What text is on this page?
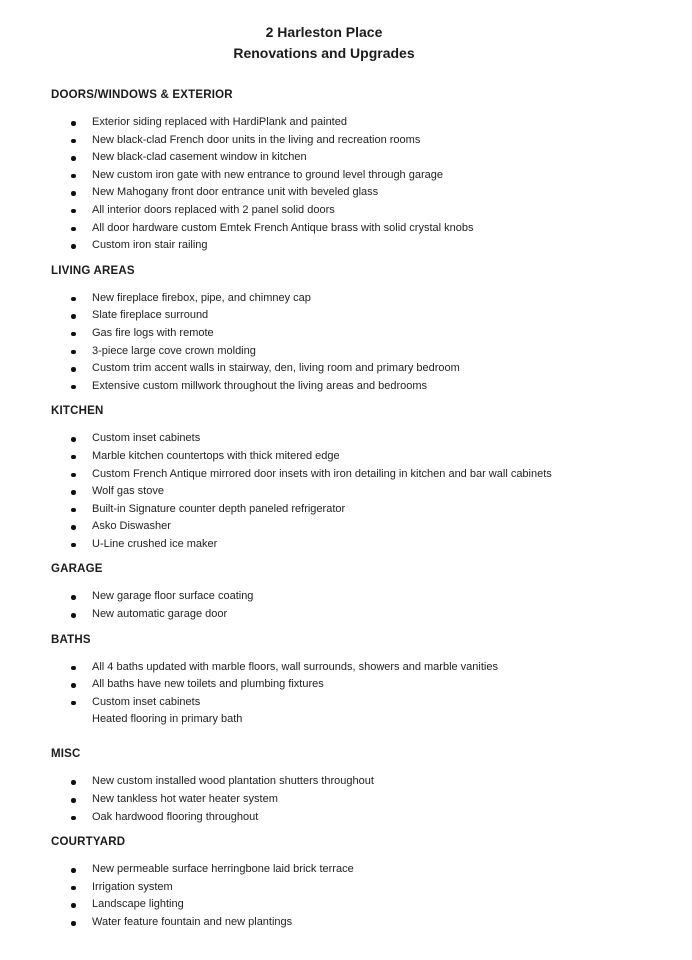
2 Harleston Place
Renovations and Upgrades
DOORS/WINDOWS & EXTERIOR
Exterior siding replaced with HardiPlank and painted
New black-clad French door units in the living and recreation rooms
New black-clad casement window in kitchen
New custom iron gate with new entrance to ground level through garage
New Mahogany front door entrance unit with beveled glass
All interior doors replaced with 2 panel solid doors
All door hardware custom Emtek French Antique brass with solid crystal knobs
Custom iron stair railing
LIVING AREAS
New fireplace firebox, pipe, and chimney cap
Slate fireplace surround
Gas fire logs with remote
3-piece large cove crown molding
Custom trim accent walls in stairway, den, living room and primary bedroom
Extensive custom millwork throughout the living areas and bedrooms
KITCHEN
Custom inset cabinets
Marble kitchen countertops with thick mitered edge
Custom French Antique mirrored door insets with iron detailing in kitchen and bar wall cabinets
Wolf gas stove
Built-in Signature counter depth paneled refrigerator
Asko Diswasher
U-Line crushed ice maker
GARAGE
New garage floor surface coating
New automatic garage door
BATHS
All 4 baths updated with marble floors, wall surrounds, showers and marble vanities
All baths have new toilets and plumbing fixtures
Custom inset cabinets
Heated flooring in primary bath
MISC
New custom installed wood plantation shutters throughout
New tankless hot water heater system
Oak hardwood flooring throughout
COURTYARD
New permeable surface herringbone laid brick terrace
Irrigation system
Landscape lighting
Water feature fountain and new plantings
